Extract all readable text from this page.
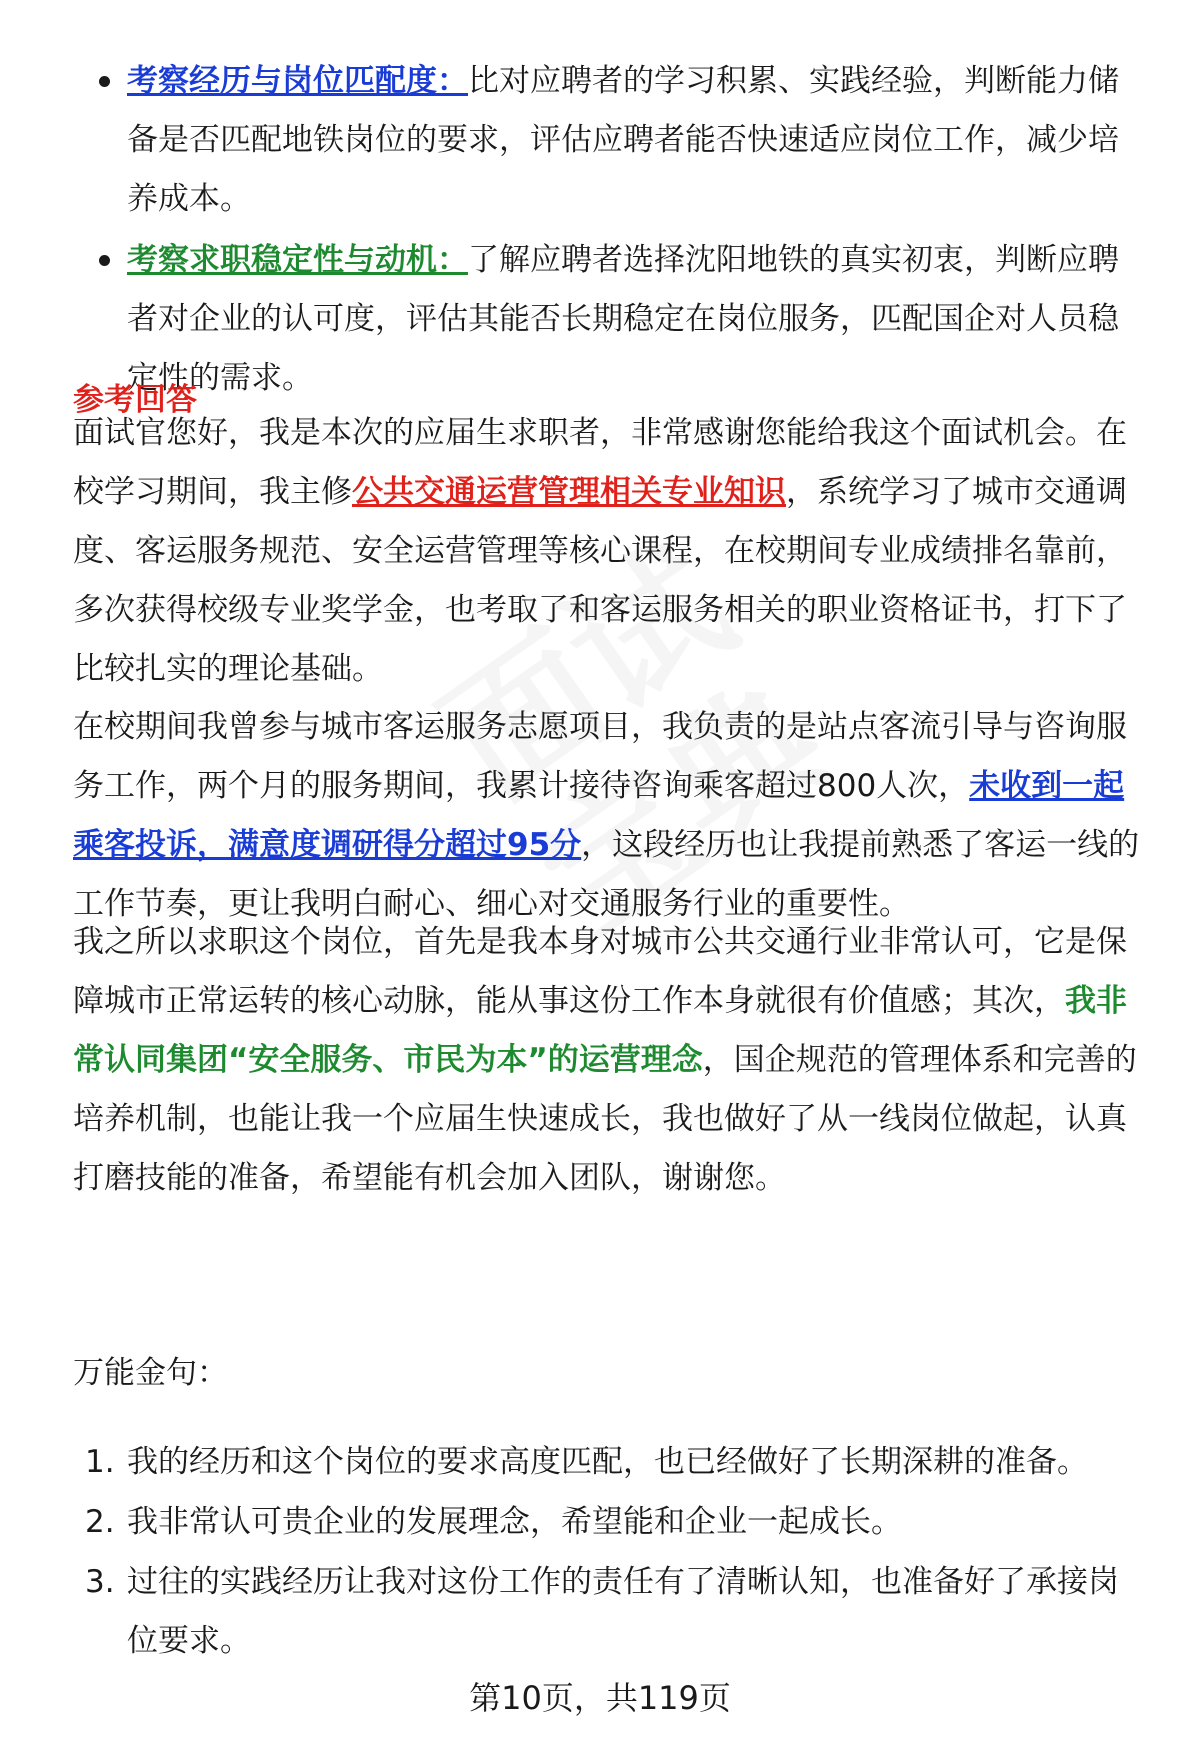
考察经历与岗位匹配度：比对应聘者的学习积累、实践经验，判断能力储备是否匹配地铁岗位的要求，评估应聘者能否快速适应岗位工作，减少培养成本。
考察求职稳定性与动机：了解应聘者选择沈阳地铁的真实初衷，判断应聘者对企业的认可度，评估其能否长期稳定在岗位服务，匹配国企对人员稳定性的需求。

参考回答

面试官您好，我是本次的应届生求职者，非常感谢您能给我这个面试机会。在校学习期间，我主修公共交通运营管理相关专业知识，系统学习了城市交通调度、客运服务规范、安全运营管理等核心课程，在校期间专业成绩排名靠前，多次获得校级专业奖学金，也考取了和客运服务相关的职业资格证书，打下了比较扎实的理论基础。

在校期间我曾参与城市客运服务志愿项目，我负责的是站点客流引导与咨询服务工作，两个月的服务期间，我累计接待咨询乘客超过800人次，未收到一起乘客投诉，满意度调研得分超过95分，这段经历也让我提前熟悉了客运一线的工作节奏，更让我明白耐心、细心对交通服务行业的重要性。

我之所以求职这个岗位，首先是我本身对城市公共交通行业非常认可，它是保障城市正常运转的核心动脉，能从事这份工作本身就很有价值感；其次，我非常认同集团“安全服务、市民为本”的运营理念，国企规范的管理体系和完善的培养机制，也能让我一个应届生快速成长，我也做好了从一线岗位做起，认真打磨技能的准备，希望能有机会加入团队，谢谢您。

万能金句：

1. 我的经历和这个岗位的要求高度匹配，也已经做好了长期深耕的准备。
2. 我非常认可贵企业的发展理念，希望能和企业一起成长。
3. 过往的实践经历让我对这份工作的责任有了清晰认知，也准备好了承接岗位要求。
第10页，共119页
